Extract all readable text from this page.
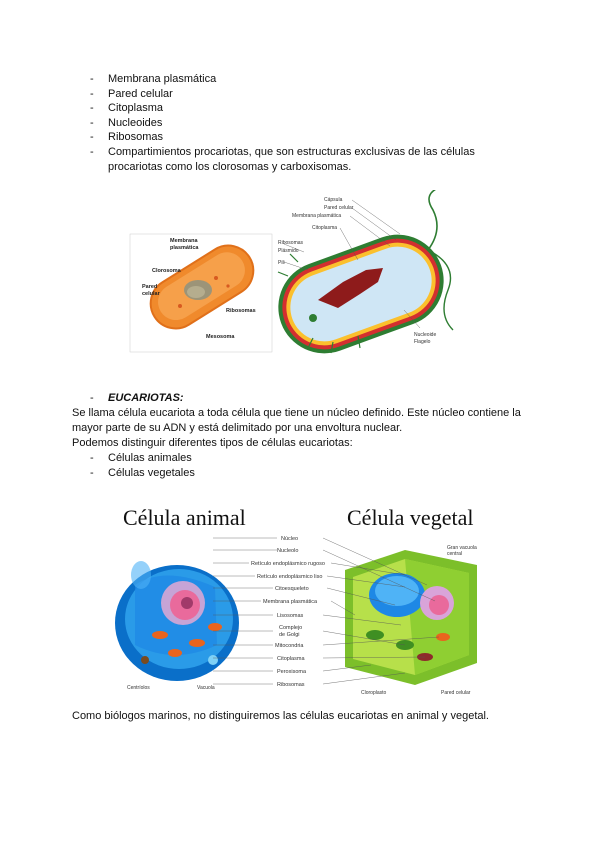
- Membrana plasmática
- Pared celular
- Citoplasma
- Nucleoides
- Ribosomas
- Compartimientos procariotas, que son estructuras exclusivas de las células
procariotas como los clorosomas y carboxisomas.
Membrana
plasmática
Clorosoma
Pared
celular
Ribosomas
Mesosoma
Cápsula
Pared celular
Membrana plasmática
Citoplasma
Ribosomas
Plásmido
Pili
Nucleoide
Flagelo
- EUCARIOTAS:
Se llama célula eucariota a toda célula que tiene un núcleo definido. Este núcleo contiene la
mayor parte de su ADN y está delimitado por una envoltura nuclear.
Podemos distinguir diferentes tipos de células eucariotas:
- Células animales
- Células vegetales
Célula animal	Célula vegetal
Centríolos	Vacuola
Gran vacuola
central
Cloroplasto	Pared celular
Núcleo
Nucleolo
Retículo endoplásmico rugoso
Retículo endoplásmico liso
Citoesqueleto
Membrana plasmática
Lisosomas
Complejo
de Golgi
Mitocondria
Citoplasma
Peroxisoma
Ribosomas
Como biólogos marinos, no distinguiremos las células eucariotas en animal y vegetal.
